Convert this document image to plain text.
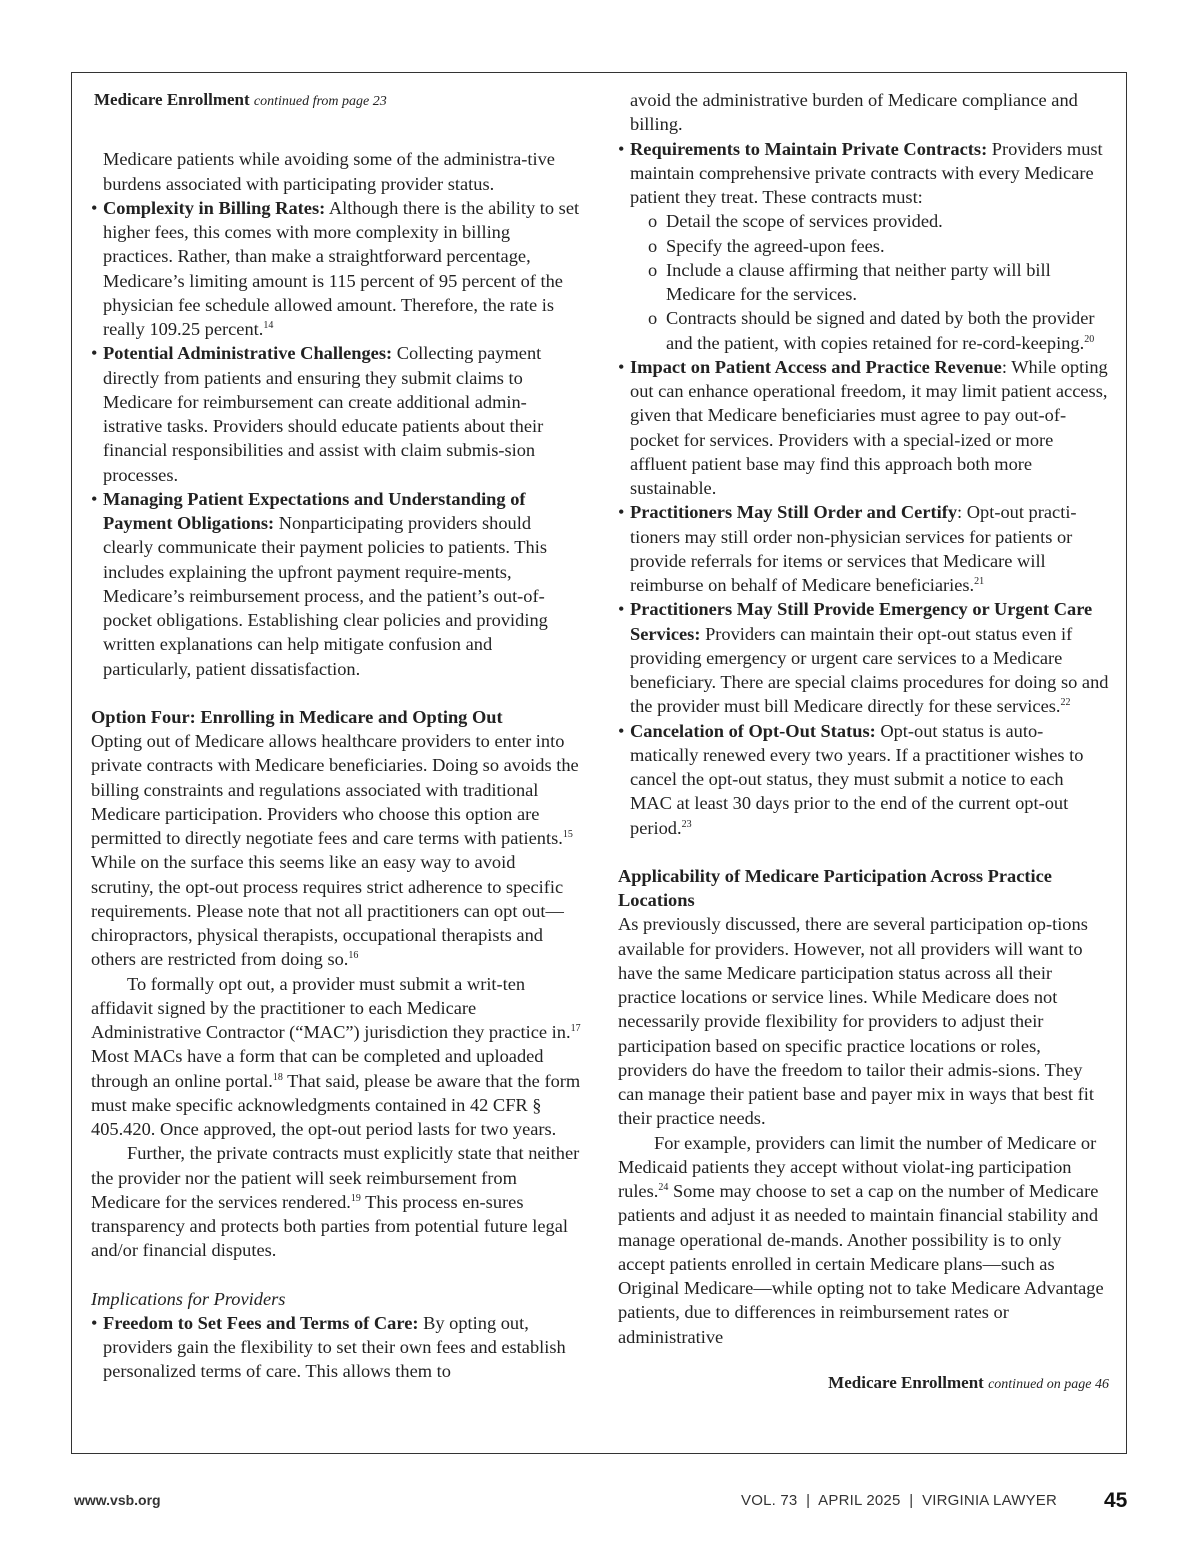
Medicare Enrollment continued from page 23

Medicare patients while avoiding some of the administra-tive burdens associated with participating provider status.

• Complexity in Billing Rates: Although there is the ability to set higher fees, this comes with more complexity in billing practices. Rather, than make a straightforward percentage, Medicare’s limiting amount is 115 percent of 95 percent of the physician fee schedule allowed amount. Therefore, the rate is really 109.25 percent.$^{14}$
• Potential Administrative Challenges: Collecting payment directly from patients and ensuring they submit claims to Medicare for reimbursement can create additional admin-istrative tasks. Providers should educate patients about their financial responsibilities and assist with claim submis-sion processes.
• Managing Patient Expectations and Understanding of Payment Obligations: Nonparticipating providers should clearly communicate their payment policies to patients. This includes explaining the upfront payment require-ments, Medicare’s reimbursement process, and the patient’s out-of-pocket obligations. Establishing clear policies and providing written explanations can help mitigate confusion and particularly, patient dissatisfaction.

Option Four: Enrolling in Medicare and Opting Out

Opting out of Medicare allows healthcare providers to enter into private contracts with Medicare beneficiaries. Doing so avoids the billing constraints and regulations associated with traditional Medicare participation. Providers who choose this option are permitted to directly negotiate fees and care terms with patients.$^{15}$ While on the surface this seems like an easy way to avoid scrutiny, the opt-out process requires strict adherence to specific requirements. Please note that not all practitioners can opt out—chiropractors, physical therapists, occupational therapists and others are restricted from doing so.$^{16}$

To formally opt out, a provider must submit a writ-ten affidavit signed by the practitioner to each Medicare Administrative Contractor (“MAC”) jurisdiction they practice in.$^{17}$ Most MACs have a form that can be completed and uploaded through an online portal.$^{18}$ That said, please be aware that the form must make specific acknowledgments contained in 42 CFR § 405.420. Once approved, the opt-out period lasts for two years.

Further, the private contracts must explicitly state that neither the provider nor the patient will seek reimbursement from Medicare for the services rendered.$^{19}$ This process en-sures transparency and protects both parties from potential future legal and/or financial disputes.

Implications for Providers

• Freedom to Set Fees and Terms of Care: By opting out, providers gain the flexibility to set their own fees and establish personalized terms of care. This allows them to

avoid the administrative burden of Medicare compliance and billing.

• Requirements to Maintain Private Contracts: Providers must maintain comprehensive private contracts with every Medicare patient they treat. These contracts must:
o Detail the scope of services provided.
o Specify the agreed-upon fees.
o Include a clause affirming that neither party will bill Medicare for the services.
o Contracts should be signed and dated by both the provider and the patient, with copies retained for re-cord-keeping.$^{20}$
• Impact on Patient Access and Practice Revenue: While opting out can enhance operational freedom, it may limit patient access, given that Medicare beneficiaries must agree to pay out-of-pocket for services. Providers with a special-ized or more affluent patient base may find this approach both more sustainable.
• Practitioners May Still Order and Certify: Opt-out practi-tioners may still order non-physician services for patients or provide referrals for items or services that Medicare will reimburse on behalf of Medicare beneficiaries.$^{21}$
• Practitioners May Still Provide Emergency or Urgent Care Services: Providers can maintain their opt-out status even if providing emergency or urgent care services to a Medicare beneficiary. There are special claims procedures for doing so and the provider must bill Medicare directly for these services.$^{22}$
• Cancelation of Opt-Out Status: Opt-out status is auto-matically renewed every two years. If a practitioner wishes to cancel the opt-out status, they must submit a notice to each MAC at least 30 days prior to the end of the current opt-out period.$^{23}$

Applicability of Medicare Participation Across Practice Locations

As previously discussed, there are several participation op-tions available for providers. However, not all providers will want to have the same Medicare participation status across all their practice locations or service lines. While Medicare does not necessarily provide flexibility for providers to adjust their participation based on specific practice locations or roles, providers do have the freedom to tailor their admis-sions. They can manage their patient base and payer mix in ways that best fit their practice needs.

For example, providers can limit the number of Medicare or Medicaid patients they accept without violat-ing participation rules.$^{24}$ Some may choose to set a cap on the number of Medicare patients and adjust it as needed to maintain financial stability and manage operational de-mands. Another possibility is to only accept patients enrolled in certain Medicare plans—such as Original Medicare—while opting not to take Medicare Advantage patients, due to differences in reimbursement rates or administrative

Medicare Enrollment continued on page 46

www.vsb.org	VOL. 73  |  APRIL 2025  |  VIRGINIA LAWYER 45
